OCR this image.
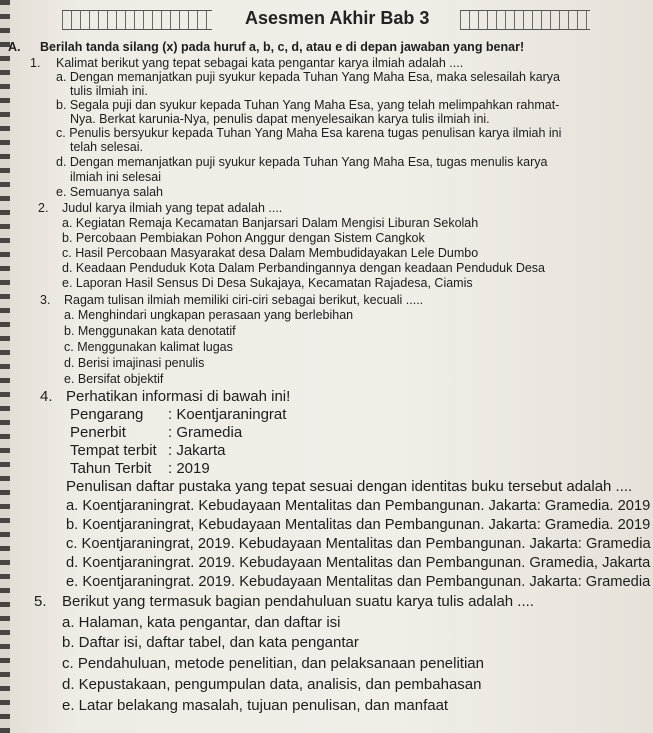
Asesmen Akhir Bab 3
A. Berilah tanda silang (x) pada huruf a, b, c, d, atau e di depan jawaban yang benar!
1. Kalimat berikut yang tepat sebagai kata pengantar karya ilmiah adalah ....
a. Dengan memanjatkan puji syukur kepada Tuhan Yang Maha Esa, maka selesailah karya
tulis ilmiah ini.
b. Segala puji dan syukur kepada Tuhan Yang Maha Esa, yang telah melimpahkan rahmat-
Nya. Berkat karunia-Nya, penulis dapat menyelesaikan karya tulis ilmiah ini.
c. Penulis bersyukur kepada Tuhan Yang Maha Esa karena tugas penulisan karya ilmiah ini
telah selesai.
d. Dengan memanjatkan puji syukur kepada Tuhan Yang Maha Esa, tugas menulis karya
ilmiah ini selesai
e. Semuanya salah
2. Judul karya ilmiah yang tepat adalah ....
a. Kegiatan Remaja Kecamatan Banjarsari Dalam Mengisi Liburan Sekolah
b. Percobaan Pembiakan Pohon Anggur dengan Sistem Cangkok
c. Hasil Percobaan Masyarakat desa Dalam Membudidayakan Lele Dumbo
d. Keadaan Penduduk Kota Dalam Perbandingannya dengan keadaan Penduduk Desa
e. Laporan Hasil Sensus Di Desa Sukajaya, Kecamatan Rajadesa, Ciamis
3. Ragam tulisan ilmiah memiliki ciri-ciri sebagai berikut, kecuali .....
a. Menghindari ungkapan perasaan yang berlebihan
b. Menggunakan kata denotatif
c. Menggunakan kalimat lugas
d. Berisi imajinasi penulis
e. Bersifat objektif
4. Perhatikan informasi di bawah ini!
Pengarang : Koentjaraningrat
Penerbit	: Gramedia
Tempat terbit : Jakarta
Tahun Terbit : 2019
Penulisan daftar pustaka yang tepat sesuai dengan identitas buku tersebut adalah ....
a. Koentjaraningrat. Kebudayaan Mentalitas dan Pembangunan. Jakarta: Gramedia. 2019
b. Koentjaraningrat, Kebudayaan Mentalitas dan Pembangunan. Jakarta: Gramedia. 2019
c. Koentjaraningrat, 2019. Kebudayaan Mentalitas dan Pembangunan. Jakarta: Gramedia
d. Koentjaraningrat. 2019. Kebudayaan Mentalitas dan Pembangunan. Gramedia, Jakarta
e. Koentjaraningrat. 2019. Kebudayaan Mentalitas dan Pembangunan. Jakarta: Gramedia
5. Berikut yang termasuk bagian pendahuluan suatu karya tulis adalah ....
a. Halaman, kata pengantar, dan daftar isi
b. Daftar isi, daftar tabel, dan kata pengantar
c. Pendahuluan, metode penelitian, dan pelaksanaan penelitian
d. Kepustakaan, pengumpulan data, analisis, dan pembahasan
e. Latar belakang masalah, tujuan penulisan, dan manfaat
